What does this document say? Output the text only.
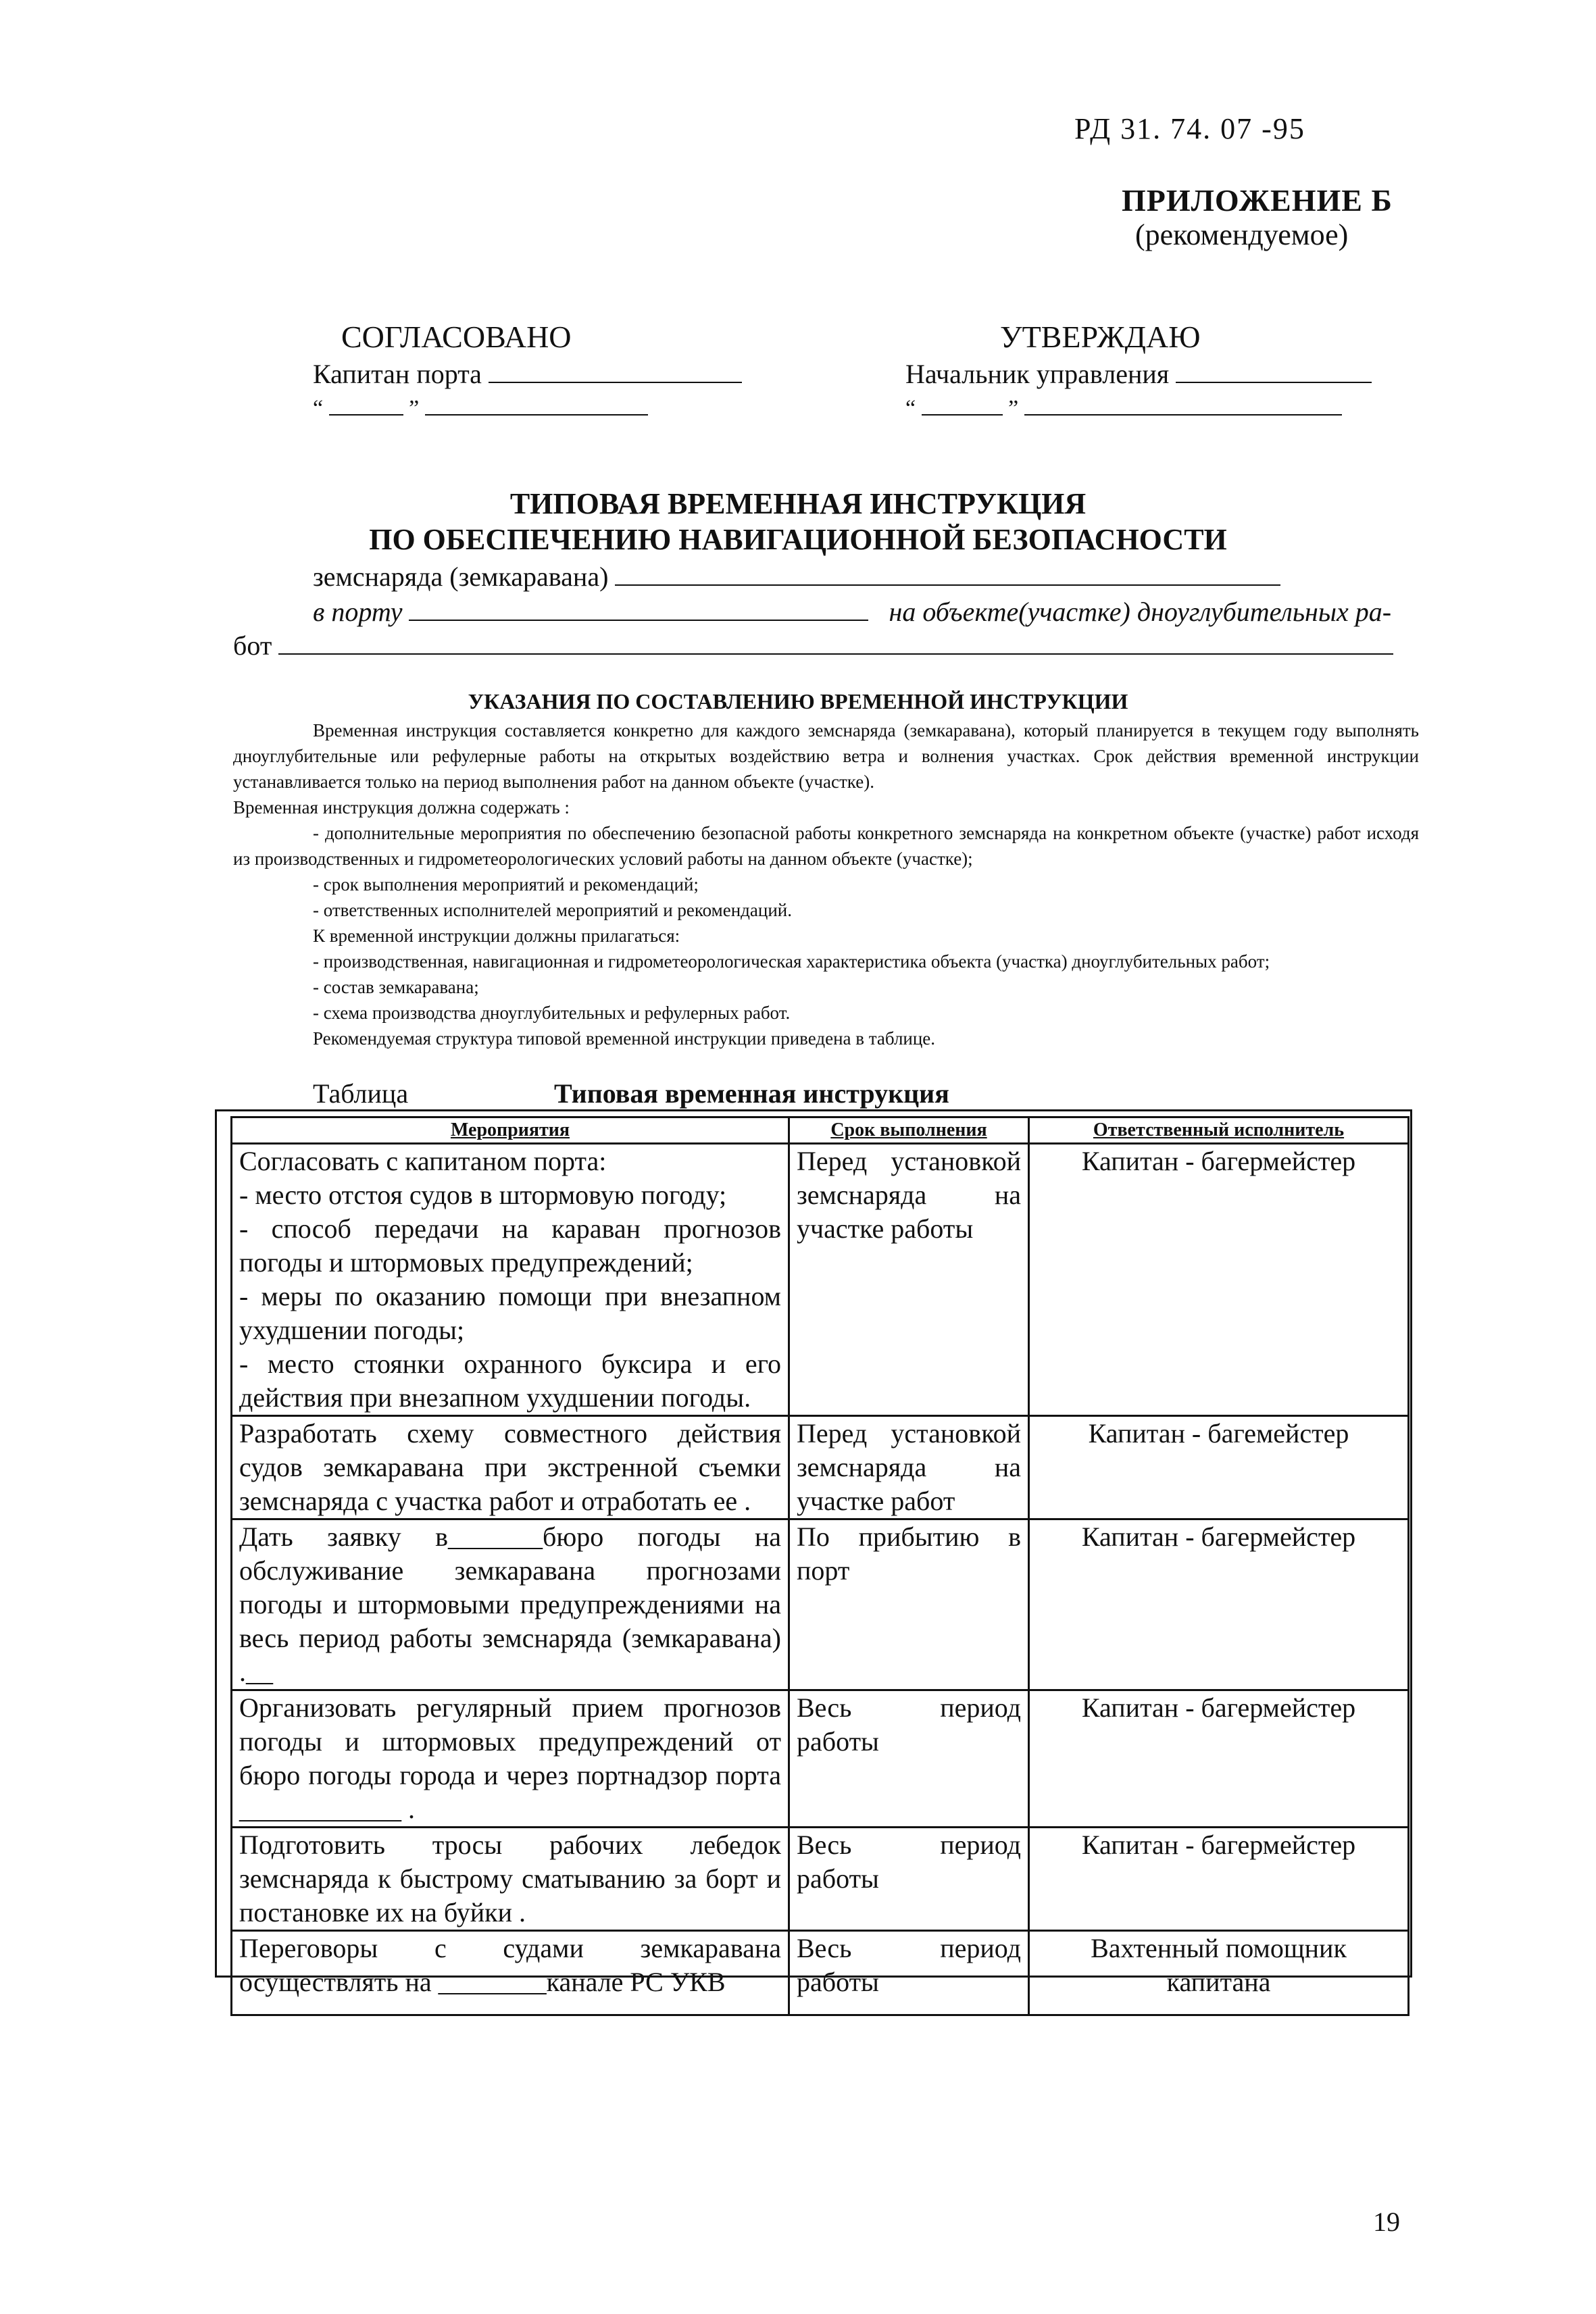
РД 31. 74. 07 -95
ПРИЛОЖЕНИЕ Б
(рекомендуемое)
СОГЛАСОВАНО
Капитан порта
“	”
УТВЕРЖДАЮ
Начальник управления
“	”
ТИПОВАЯ ВРЕМЕННАЯ ИНСТРУКЦИЯ
ПО ОБЕСПЕЧЕНИЮ НАВИГАЦИОННОЙ БЕЗОПАСНОСТИ
земснаряда (земкаравана)
в порту	на объекте(участке) дноуглубительных ра-
бот
УКАЗАНИЯ ПО СОСТАВЛЕНИЮ ВРЕМЕННОЙ ИНСТРУКЦИИ

Временная инструкция составляется конкретно для каждого земснаряда (земкаравана), который планируется в текущем году выполнять дноуглубительные или рефулерные работы на открытых воздействию ветра и волнения участках. Срок действия временной инструкции устанавливается только на период выполнения работ на данном объекте (участке).

Временная инструкция должна содержать :

- дополнительные мероприятия по обеспечению безопасной работы конкретного земснаряда на конкретном объекте (участке) работ исходя из производственных и гидрометеорологических условий работы на данном объекте (участке);

- срок выполнения мероприятий и рекомендаций;

- ответственных исполнителей мероприятий и рекомендаций.

К временной инструкции должны прилагаться:

- производственная, навигационная и гидрометеорологическая характеристика объекта (участка) дноуглубительных работ;

- состав земкаравана;

- схема производства дноуглубительных и рефулерных работ.

Рекомендуемая структура типовой временной инструкции приведена в таблице.

Таблица	Типовая временная инструкция
Мероприятия	Срок выполнения	Ответственный исполнитель

Согласовать с капитаном порта:
- место отстоя судов в штормовую погоду;
- способ передачи на караван прогнозов погоды и штормовых предупреждений;
- меры по оказанию помощи при внезапном ухудшении погоды;
- место стоянки охранного буксира и его действия при внезапном ухудшении погоды.	Перед установкой земснаряда на участке работы	Капитан - багермейстер

Разработать схему совместного действия судов земкаравана при экстренной съемки земснаряда с участка работ и отработать ее .	Перед установкой земснаряда на участке работ	Капитан - багемейстер

Дать заявку в_______бюро погоды на обслуживание земкаравана прогнозами погоды и штормовыми предупреждениями на весь период работы земснаряда (земкаравана) .__	По прибытию в порт	Капитан - багермейстер

Организовать регулярный прием прогнозов погоды и штормовых предупреждений от бюро погоды города и через портнадзор порта ____________ .	Весь период работы	Капитан - багермейстер

Подготовить тросы рабочих лебедок земснаряда к быстрому сматыванию за борт и постановке их на буйки .	Весь период работы	Капитан - багермейстер

Переговоры с судами земкаравана осуществлять на ________канале РС УКВ	Весь период работы	Вахтенный помощник капитана
19
